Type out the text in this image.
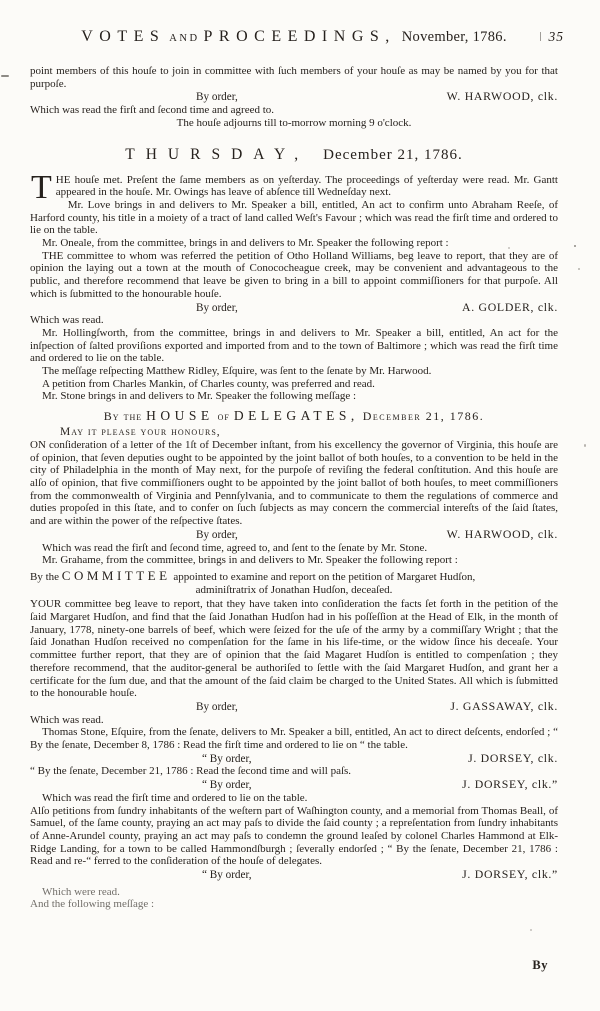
VOTES AND PROCEEDINGS, November, 1786.	35
point members of this houſe to join in committee with ſuch members of your houſe as may be named by you for that purpoſe.
By order,	W. HARWOOD, clk.
Which was read the firſt and ſecond time and agreed to.
The houſe adjourns till to-morrow morning 9 o'clock.
THURSDAY, December 21, 1786.
THE houſe met. Preſent the ſame members as on yeſterday. The proceedings of yeſterday were read. Mr. Gantt appeared in the houſe. Mr. Owings has leave of abſence till Wedneſday next.
Mr. Love brings in and delivers to Mr. Speaker a bill, entitled, An act to confirm unto Abraham Reeſe, of Harford county, his title in a moiety of a tract of land called Weſt's Favour ; which was read the firſt time and ordered to lie on the table.
Mr. Oneale, from the committee, brings in and delivers to Mr. Speaker the following report :
THE committee to whom was referred the petition of Otho Holland Williams, beg leave to report, that they are of opinion the laying out a town at the mouth of Conococheague creek, may be convenient and advantageous to the public, and therefore recommend that leave be given to bring in a bill to appoint commiſſioners for that purpoſe. All which is ſubmitted to the honourable houſe.
By order,	A. GOLDER, clk.
Which was read.
Mr. Hollingſworth, from the committee, brings in and delivers to Mr. Speaker a bill, entitled, An act for the inſpection of ſalted proviſions exported and imported from and to the town of Baltimore ; which was read the firſt time and ordered to lie on the table.
The meſſage reſpecting Matthew Ridley, Eſquire, was ſent to the ſenate by Mr. Harwood.
A petition from Charles Mankin, of Charles county, was preferred and read.
Mr. Stone brings in and delivers to Mr. Speaker the following meſſage :
By the HOUSE of DELEGATES, December 21, 1786.
May it please your honours,
ON conſideration of a letter of the 1ſt of December inſtant, from his excellency the governor of Virginia, this houſe are of opinion, that ſeven deputies ought to be appointed by the joint ballot of both houſes, to a convention to be held in the city of Philadelphia in the month of May next, for the purpoſe of reviſing the federal conſtitution. And this houſe are alſo of opinion, that five commiſſioners ought to be appointed by the joint ballot of both houſes, to meet commiſſioners from the commonwealth of Virginia and Pennſylvania, and to communicate to them the regulations of commerce and duties propoſed in this ſtate, and to confer on ſuch ſubjects as may concern the commercial intereſts of the ſaid ſtates, and are within the power of the reſpective ſtates.
By order,	W. HARWOOD, clk.
Which was read the firſt and ſecond time, agreed to, and ſent to the ſenate by Mr. Stone.
Mr. Grahame, from the committee, brings in and delivers to Mr. Speaker the following report :
By the COMMITTEE appointed to examine and report on the petition of Margaret Hudſon,
adminiſtratrix of Jonathan Hudſon, deceaſed.
YOUR committee beg leave to report, that they have taken into conſideration the facts ſet forth in the petition of the ſaid Margaret Hudſon, and find that the ſaid Jonathan Hudſon had in his poſſeſſion at the Head of Elk, in the month of January, 1778, ninety-one barrels of beef, which were ſeized for the uſe of the army by a commiſſary Wright ; that the ſaid Jonathan Hudſon received no compenſation for the ſame in his life-time, or the widow ſince his deceaſe. Your committee further report, that they are of opinion that the ſaid Magaret Hudſon is entitled to compenſation ; they therefore recommend, that the auditor-general be authoriſed to ſettle with the ſaid Margaret Hudſon, and grant her a certificate for the ſum due, and that the amount of the ſaid claim be charged to the United States. All which is ſubmitted to the honourable houſe.
By order,	J. GASSAWAY, clk.
Which was read.
Thomas Stone, Eſquire, from the ſenate, delivers to Mr. Speaker a bill, entitled, An act to direct deſcents, endorſed ; “ By the ſenate, December 8, 1786 : Read the firſt time and ordered to lie on “ the table.
“ By order,	J. DORSEY, clk.
“ By the ſenate, December 21, 1786 : Read the ſecond time and will paſs.
“ By order,	J. DORSEY, clk.”
Which was read the firſt time and ordered to lie on the table.
Alſo petitions from ſundry inhabitants of the weſtern part of Waſhington county, and a memorial from Thomas Beall, of Samuel, of the ſame county, praying an act may paſs to divide the ſaid county ; a repreſentation from ſundry inhabitants of Anne-Arundel county, praying an act may paſs to condemn the ground leaſed by colonel Charles Hammond at Elk-Ridge Landing, for a town to be called Hammondſburgh ; ſeverally endorſed ; “ By the ſenate, December 21, 1786 : Read and re-“ ferred to the conſideration of the houſe of delegates.
“ By order,	J. DORSEY, clk.”
Which were read.
And the following meſſage :
By
